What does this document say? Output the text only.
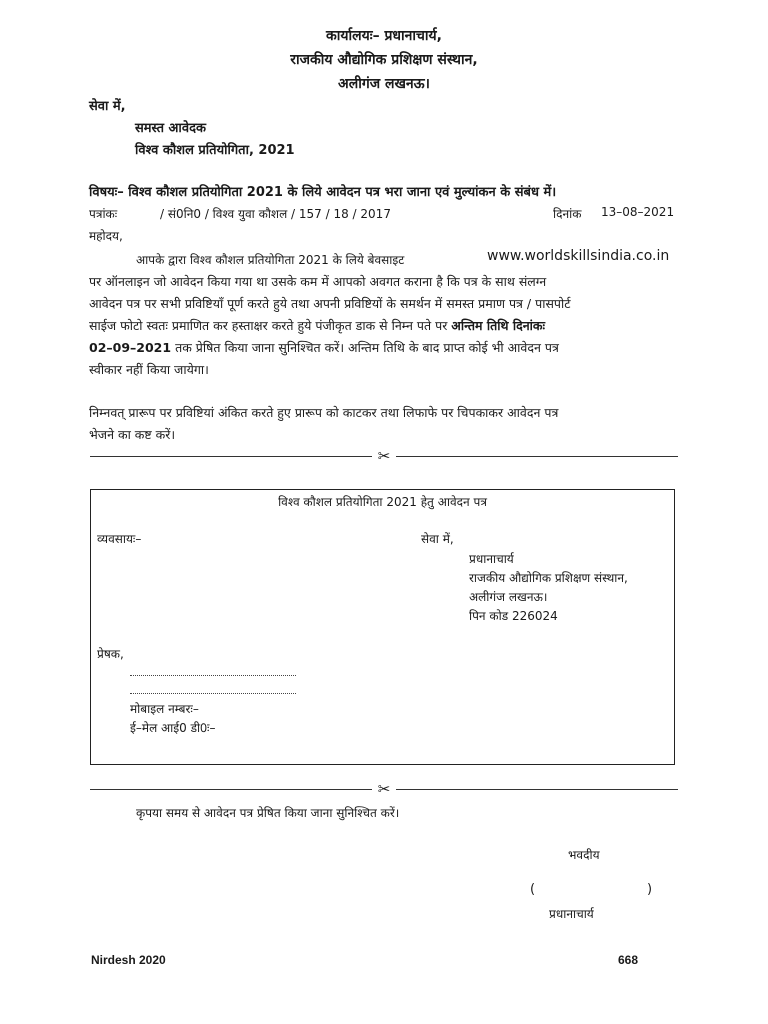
कार्यालयः– प्रधानाचार्य,
राजकीय औद्योगिक प्रशिक्षण संस्थान,
अलीगंज लखनऊ।
सेवा में,
समस्त आवेदक
विश्व कौशल प्रतियोगिता, 2021
विषयः– विश्व कौशल प्रतियोगिता 2021 के लिये आवेदन पत्र भरा जाना एवं मुल्यांकन के संबंध में।
पत्रांकः	/ सं0नि0 / विश्व युवा कौशल / 157 / 18 / 2017	दिनांक 13–08–2021
महोदय,
आपके द्वारा विश्व कौशल प्रतियोगिता 2021 के लिये बेवसाइट	www.worldskillsindia.co.in
पर ऑनलाइन जो आवेदन किया गया था उसके कम में आपको अवगत कराना है कि पत्र के साथ संलग्न
आवेदन पत्र पर सभी प्रविष्टियाँ पूर्ण करते हुये तथा अपनी प्रविष्टियों के समर्थन में समस्त प्रमाण पत्र / पासपोर्ट
साईज फोटो स्वतः प्रमाणित कर हस्ताक्षर करते हुये पंजीकृत डाक से निम्न पते पर अन्तिम तिथि दिनांकः
02–09–2021 तक प्रेषित किया जाना सुनिश्चित करें। अन्तिम तिथि के बाद प्राप्त कोई भी आवेदन पत्र
स्वीकार नहीं किया जायेगा।
निम्नवत् प्रारूप पर प्रविष्टियां अंकित करते हुए प्रारूप को काटकर तथा लिफाफे पर चिपकाकर आवेदन पत्र
भेजने का कष्ट करें।
✂
विश्व कौशल प्रतियोगिता 2021 हेतु आवेदन पत्र
व्यवसायः–	सेवा में,
प्रधानाचार्य
राजकीय औद्योगिक प्रशिक्षण संस्थान,
अलीगंज लखनऊ।
पिन कोड 226024
प्रेषक,
मोबाइल नम्बरः–
ई–मेल आई0 डी0ः–
✂
कृपया समय से आवेदन पत्र प्रेषित किया जाना सुनिश्चित करें।
भवदीय
(	)
प्रधानाचार्य
Nirdesh 2020	668
